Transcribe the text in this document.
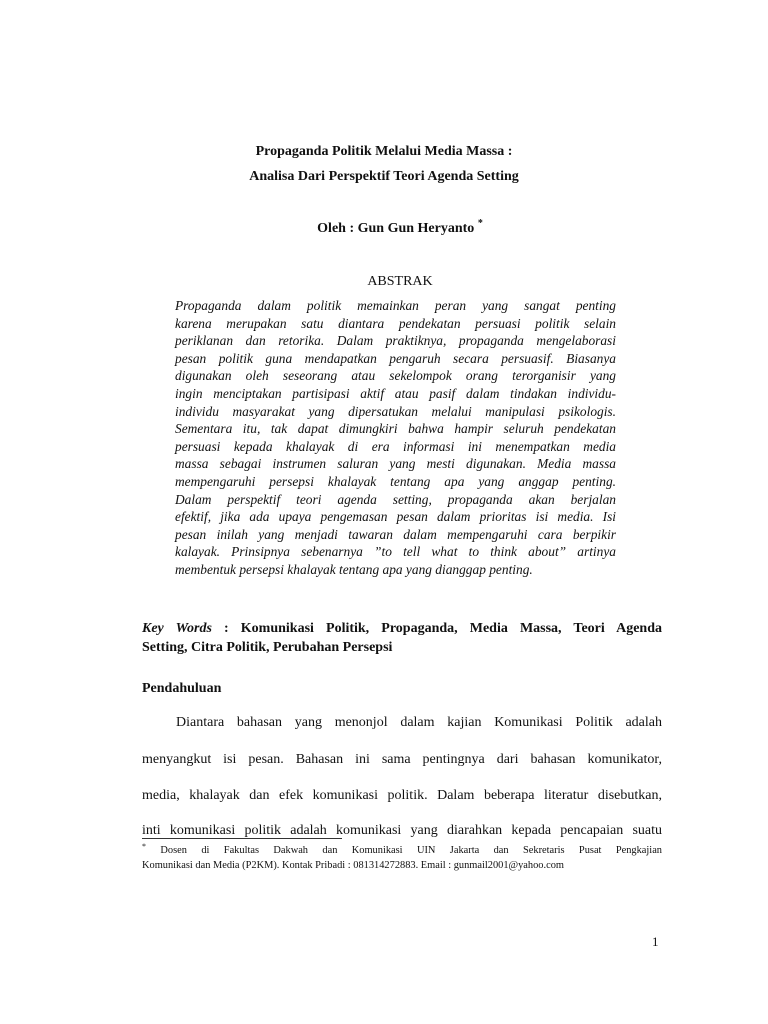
Propaganda Politik Melalui Media Massa :
Analisa Dari Perspektif Teori Agenda Setting
Oleh : Gun Gun Heryanto *
ABSTRAK
Propaganda dalam politik memainkan peran yang sangat penting
karena merupakan satu diantara pendekatan persuasi politik selain
periklanan dan retorika. Dalam praktiknya, propaganda mengelaborasi
pesan politik guna mendapatkan pengaruh secara persuasif. Biasanya
digunakan oleh seseorang atau sekelompok orang terorganisir yang
ingin menciptakan partisipasi aktif atau pasif dalam tindakan individu-
individu masyarakat yang dipersatukan melalui manipulasi psikologis.
Sementara itu, tak dapat dimungkiri bahwa hampir seluruh pendekatan
persuasi kepada khalayak di era informasi ini menempatkan media
massa sebagai instrumen saluran yang mesti digunakan. Media massa
mempengaruhi persepsi khalayak tentang apa yang anggap penting.
Dalam perspektif teori agenda setting, propaganda akan berjalan
efektif, jika ada upaya pengemasan pesan dalam prioritas isi media. Isi
pesan inilah yang menjadi tawaran dalam mempengaruhi cara berpikir
kalayak. Prinsipnya sebenarnya ”to tell what to think about” artinya
membentuk persepsi khalayak tentang apa yang dianggap penting.
Key Words : Komunikasi Politik, Propaganda, Media Massa, Teori Agenda
Setting, Citra Politik, Perubahan Persepsi
Pendahuluan
Diantara bahasan yang menonjol dalam kajian Komunikasi Politik adalah
menyangkut isi pesan. Bahasan ini sama pentingnya dari bahasan komunikator,
media, khalayak dan efek komunikasi politik. Dalam beberapa literatur disebutkan,
inti komunikasi politik adalah komunikasi yang diarahkan kepada pencapaian suatu
* Dosen di Fakultas Dakwah dan Komunikasi UIN Jakarta dan Sekretaris Pusat Pengkajian
Komunikasi dan Media (P2KM). Kontak Pribadi : 081314272883. Email : gunmail2001@yahoo.com
1
